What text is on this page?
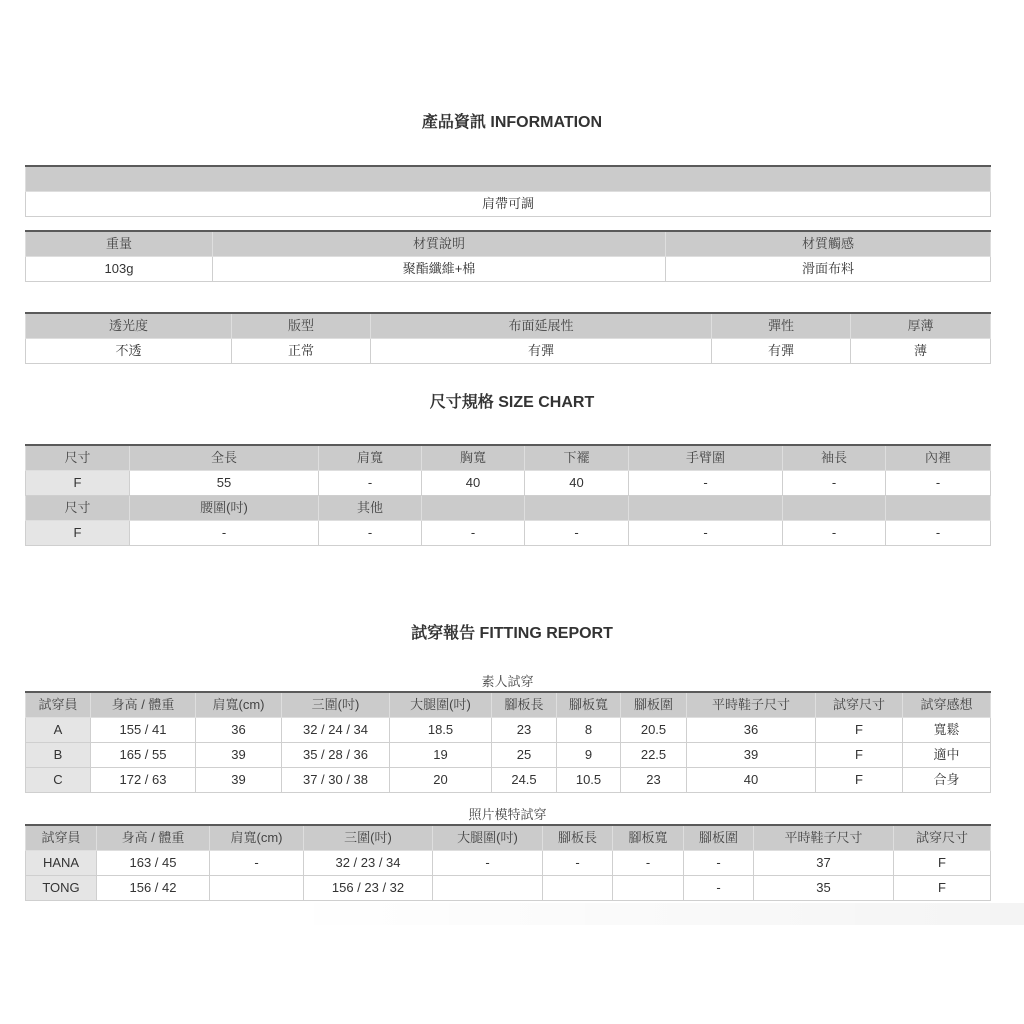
產品資訊 INFORMATION

肩帶可調
重量	材質說明	材質觸感
103g	聚酯纖維+棉	滑面布料
透光度	版型	布面延展性	彈性	厚薄
不透	正常	有彈	有彈	薄
尺寸規格 SIZE CHART
尺寸	全長	肩寬	胸寬	下襬	手臂圍	袖長	內裡
F	55	-	40	40	-	-	-
尺寸	腰圍(吋)	其他					
F	-	-	-	-	-	-	-
試穿報告 FITTING REPORT
素人試穿
試穿員	身高 / 體重	肩寬(cm)	三圍(吋)	大腿圍(吋)	腳板長	腳板寬	腳板圍	平時鞋子尺寸	試穿尺寸	試穿感想
A	155 / 41	36	32 / 24 / 34	18.5	23	8	20.5	36	F	寬鬆
B	165 / 55	39	35 / 28 / 36	19	25	9	22.5	39	F	適中
C	172 / 63	39	37 / 30 / 38	20	24.5	10.5	23	40	F	合身
照片模特試穿
試穿員	身高 / 體重	肩寬(cm)	三圍(吋)	大腿圍(吋)	腳板長	腳板寬	腳板圍	平時鞋子尺寸	試穿尺寸
HANA	163 / 45	-	32 / 23 / 34	-	-	-	-	37	F
TONG	156 / 42		156 / 23 / 32				-	35	F
